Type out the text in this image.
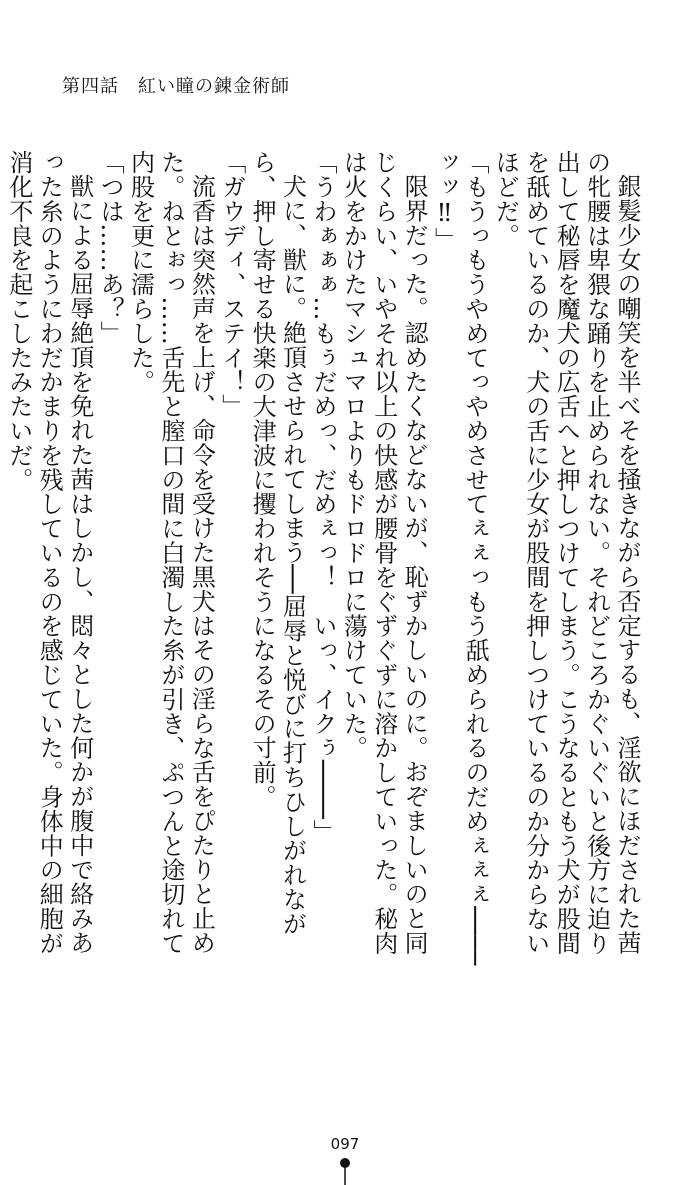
第四話　紅い瞳の錬金術師

銀髪少女の嘲笑を半べそを掻きながら否定するも、淫欲にほだされた茜の牝腰は卑猥な踊りを止められない。それどころかぐいぐいと後方に迫り出して秘唇を魔犬の広舌へと押しつけてしまう。こうなるともう犬が股間を舐めているのか、犬の舌に少女が股間を押しつけているのか分からないほどだ。

「もうっもうやめてっやめさせてぇぇっもう舐められるのだめぇぇぇ────ッッ‼」

限界だった。認めたくなどないが、恥ずかしいのに。おぞましいのと同じくらい、いやそれ以上の快感が腰骨をぐずぐずに溶かしていった。秘肉は火をかけたマシュマロよりもドロドロに蕩けていた。

「うわぁぁぁ…もぅだめっ、だめぇっ！　いっ、イクぅ────」

犬に、獣に。絶頂させられてしまう──屈辱と悦びに打ちひしがれながら、押し寄せる快楽の大津波に攫われそうになるその寸前。

「ガウディ、ステイ！」

流香は突然声を上げ、命令を受けた黒犬はその淫らな舌をぴたりと止めた。ねとぉっ……舌先と膣口の間に白濁した糸が引き、ぷつんと途切れて内股を更に濡らした。

「つは……あ？」

獣による屈辱絶頂を免れた茜はしかし、悶々とした何かが腹中で絡みあった糸のようにわだかまりを残しているのを感じていた。身体中の細胞が消化不良を起こしたみたいだ。

097
